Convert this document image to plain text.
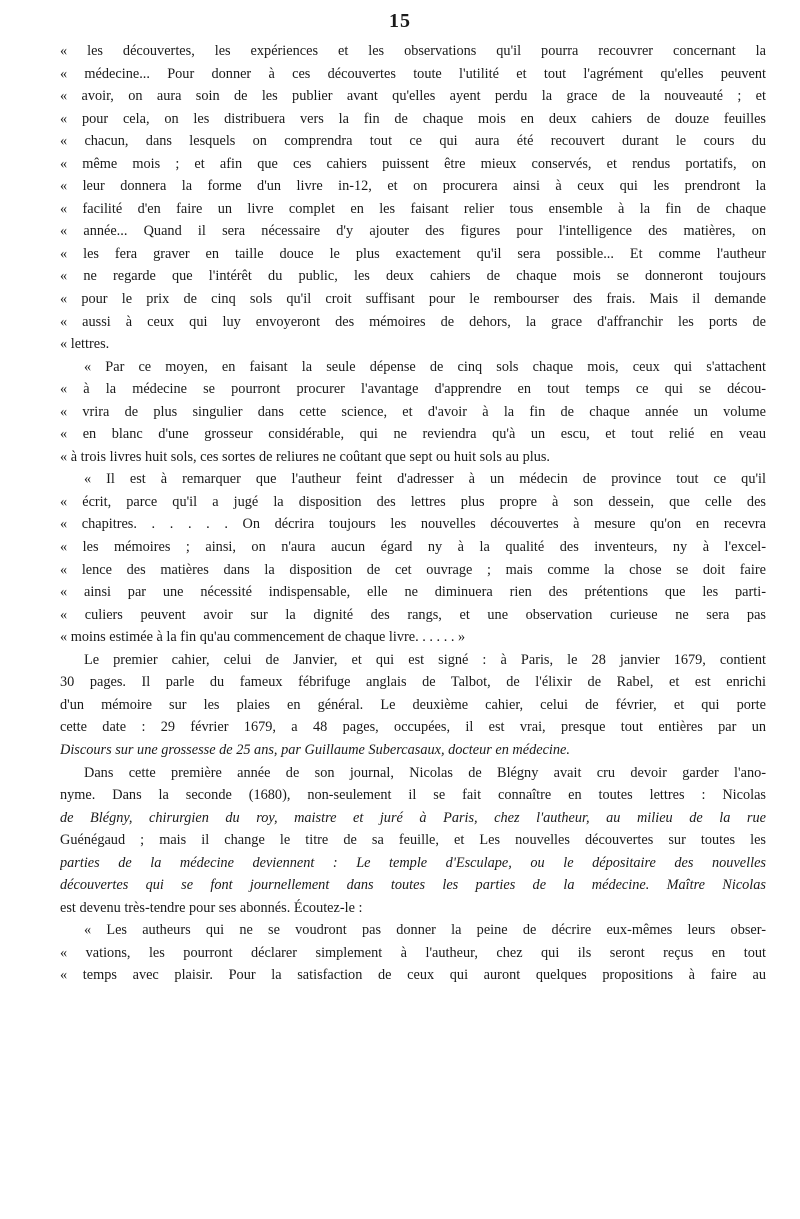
15
« les découvertes, les expériences et les observations qu'il pourra recouvrer concernant la
« médecine... Pour donner à ces découvertes toute l'utilité et tout l'agrément qu'elles peuvent
« avoir, on aura soin de les publier avant qu'elles ayent perdu la grace de la nouveauté ; et
« pour cela, on les distribuera vers la fin de chaque mois en deux cahiers de douze feuilles
« chacun, dans lesquels on comprendra tout ce qui aura été recouvert durant le cours du
« même mois ; et afin que ces cahiers puissent être mieux conservés, et rendus portatifs, on
« leur donnera la forme d'un livre in-12, et on procurera ainsi à ceux qui les prendront la
« facilité d'en faire un livre complet en les faisant relier tous ensemble à la fin de chaque
« année... Quand il sera nécessaire d'y ajouter des figures pour l'intelligence des matières, on
« les fera graver en taille douce le plus exactement qu'il sera possible... Et comme l'autheur
« ne regarde que l'intérêt du public, les deux cahiers de chaque mois se donneront toujours
« pour le prix de cinq sols qu'il croit suffisant pour le rembourser des frais. Mais il demande
« aussi à ceux qui luy envoyeront des mémoires de dehors, la grace d'affranchir les ports de
« lettres.
« Par ce moyen, en faisant la seule dépense de cinq sols chaque mois, ceux qui s'attachent
« à la médecine se pourront procurer l'avantage d'apprendre en tout temps ce qui se décou-
« vrira de plus singulier dans cette science, et d'avoir à la fin de chaque année un volume
« en blanc d'une grosseur considérable, qui ne reviendra qu'à un escu, et tout relié en veau
« à trois livres huit sols, ces sortes de reliures ne coûtant que sept ou huit sols au plus.
« Il est à remarquer que l'autheur feint d'adresser à un médecin de province tout ce qu'il
« écrit, parce qu'il a jugé la disposition des lettres plus propre à son dessein, que celle des
« chapitres. . . . . . On décrira toujours les nouvelles découvertes à mesure qu'on en recevra
« les mémoires ; ainsi, on n'aura aucun égard ny à la qualité des inventeurs, ny à l'excel-
« lence des matières dans la disposition de cet ouvrage ; mais comme la chose se doit faire
« ainsi par une nécessité indispensable, elle ne diminuera rien des prétentions que les parti-
« culiers peuvent avoir sur la dignité des rangs, et une observation curieuse ne sera pas
« moins estimée à la fin qu'au commencement de chaque livre. . . . . . »
Le premier cahier, celui de Janvier, et qui est signé : à Paris, le 28 janvier 1679, contient
30 pages. Il parle du fameux fébrifuge anglais de Talbot, de l'élixir de Rabel, et est enrichi
d'un mémoire sur les plaies en général. Le deuxième cahier, celui de février, et qui porte
cette date : 29 février 1679, a 48 pages, occupées, il est vrai, presque tout entières par un
Discours sur une grossesse de 25 ans, par Guillaume Subercasaux, docteur en médecine.
Dans cette première année de son journal, Nicolas de Blégny avait cru devoir garder l'ano-
nyme. Dans la seconde (1680), non-seulement il se fait connaître en toutes lettres : Nicolas
de Blégny, chirurgien du roy, maistre et juré à Paris, chez l'autheur, au milieu de la rue
Guénégaud ; mais il change le titre de sa feuille, et Les nouvelles découvertes sur toutes les
parties de la médecine deviennent : Le temple d'Esculape, ou le dépositaire des nouvelles
découvertes qui se font journellement dans toutes les parties de la médecine. Maître Nicolas
est devenu très-tendre pour ses abonnés. Écoutez-le :
« Les autheurs qui ne se voudront pas donner la peine de décrire eux-mêmes leurs obser-
« vations, les pourront déclarer simplement à l'autheur, chez qui ils seront reçus en tout
« temps avec plaisir. Pour la satisfaction de ceux qui auront quelques propositions à faire au
